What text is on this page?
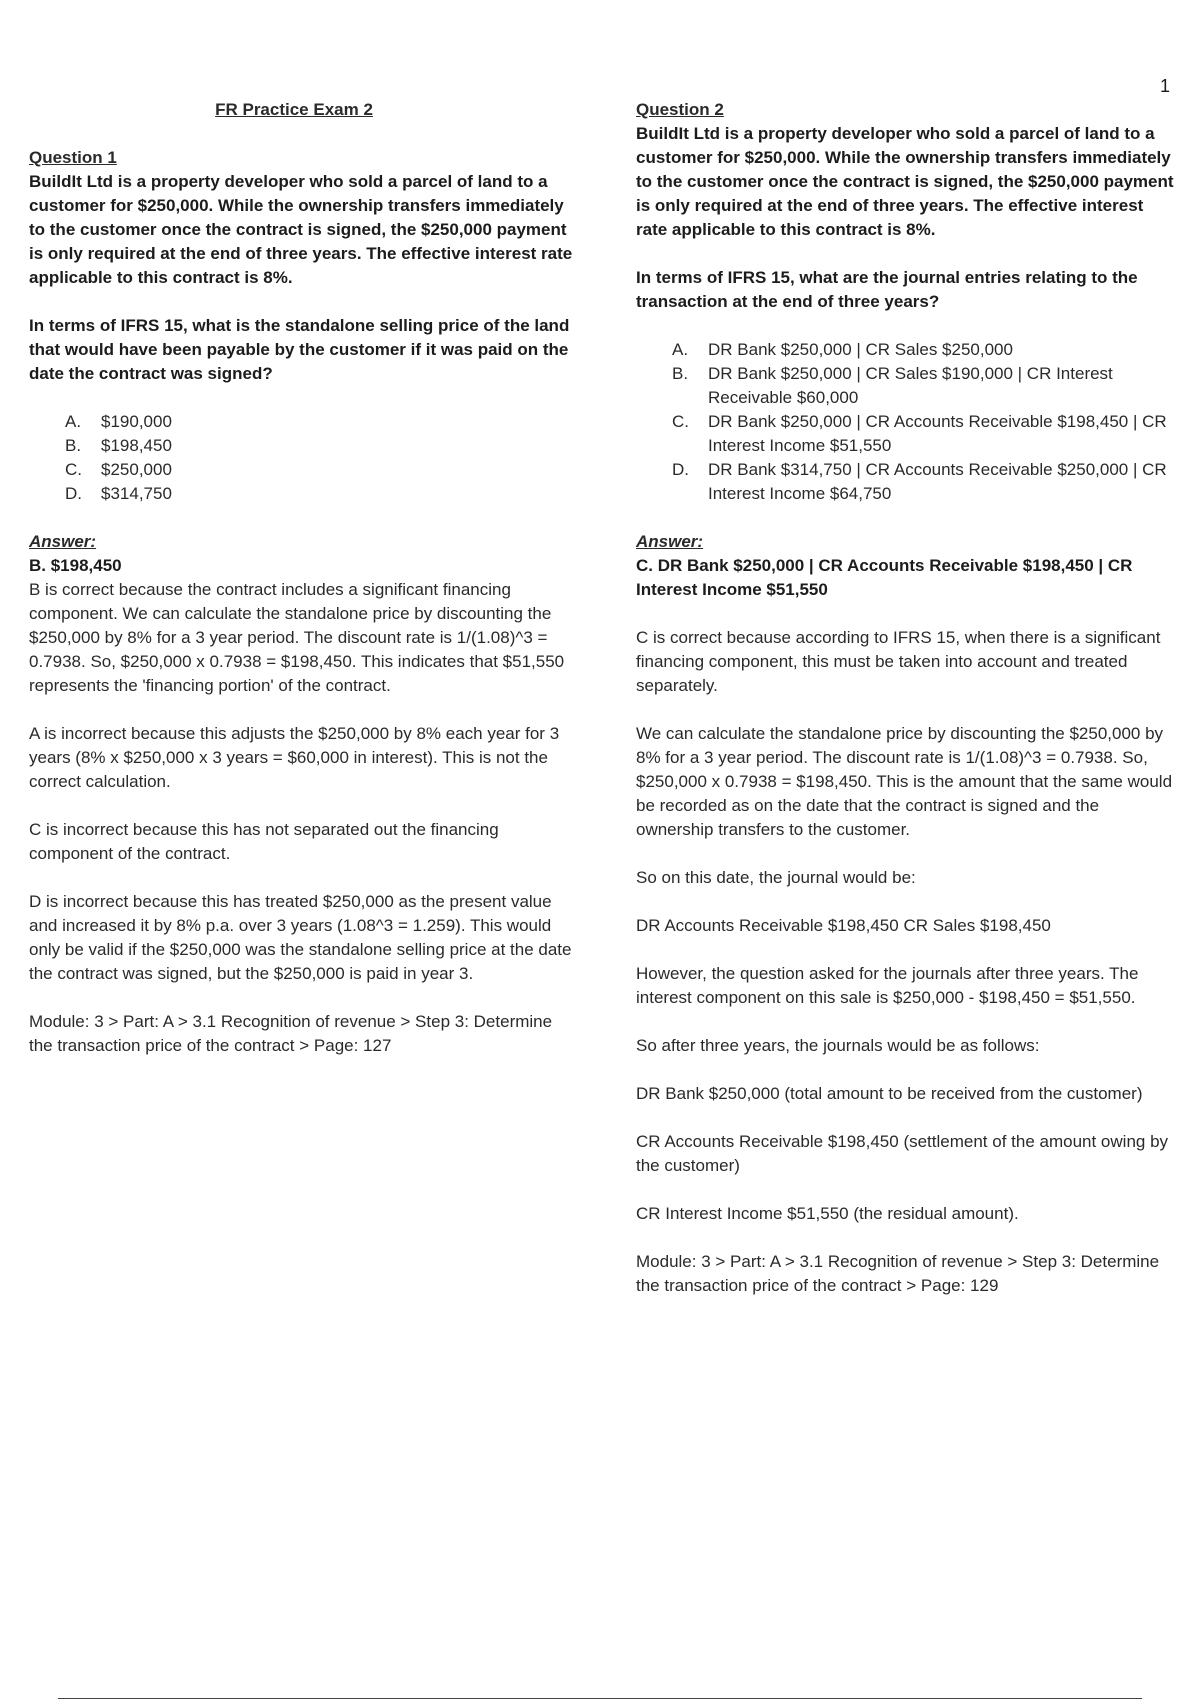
1

FR Practice Exam 2

Question 1

BuildIt Ltd is a property developer who sold a parcel of land to a customer for $250,000. While the ownership transfers immediately to the customer once the contract is signed, the $250,000 payment is only required at the end of three years. The effective interest rate applicable to this contract is 8%.

In terms of IFRS 15, what is the standalone selling price of the land that would have been payable by the customer if it was paid on the date the contract was signed?

A.	$190,000
B.	$198,450
C.	$250,000
D.	$314,750

Answer:

B. $198,450

B is correct because the contract includes a significant financing component. We can calculate the standalone price by discounting the $250,000 by 8% for a 3 year period. The discount rate is 1/(1.08)^3 = 0.7938. So, $250,000 x 0.7938 = $198,450. This indicates that $51,550 represents the 'financing portion' of the contract.

A is incorrect because this adjusts the $250,000 by 8% each year for 3 years (8% x $250,000 x 3 years = $60,000 in interest). This is not the correct calculation.

C is incorrect because this has not separated out the financing component of the contract.

D is incorrect because this has treated $250,000 as the present value and increased it by 8% p.a. over 3 years (1.08^3 = 1.259). This would only be valid if the $250,000 was the standalone selling price at the date the contract was signed, but the $250,000 is paid in year 3.

Module: 3 > Part: A > 3.1 Recognition of revenue > Step 3: Determine the transaction price of the contract > Page: 127

Question 2

BuildIt Ltd is a property developer who sold a parcel of land to a customer for $250,000. While the ownership transfers immediately to the customer once the contract is signed, the $250,000 payment is only required at the end of three years. The effective interest rate applicable to this contract is 8%.

In terms of IFRS 15, what are the journal entries relating to the transaction at the end of three years?

A.	DR Bank $250,000 | CR Sales $250,000
B.	DR Bank $250,000 | CR Sales $190,000 | CR Interest Receivable $60,000
C.	DR Bank $250,000 | CR Accounts Receivable $198,450 | CR Interest Income $51,550
D.	DR Bank $314,750 | CR Accounts Receivable $250,000 | CR Interest Income $64,750

Answer:

C. DR Bank $250,000 | CR Accounts Receivable $198,450 | CR Interest Income $51,550

C is correct because according to IFRS 15, when there is a significant financing component, this must be taken into account and treated separately.

We can calculate the standalone price by discounting the $250,000 by 8% for a 3 year period. The discount rate is 1/(1.08)^3 = 0.7938. So, $250,000 x 0.7938 = $198,450. This is the amount that the same would be recorded as on the date that the contract is signed and the ownership transfers to the customer.

So on this date, the journal would be:

DR Accounts Receivable $198,450 CR Sales $198,450

However, the question asked for the journals after three years. The interest component on this sale is $250,000 - $198,450 = $51,550.

So after three years, the journals would be as follows:

DR Bank $250,000 (total amount to be received from the customer)

CR Accounts Receivable $198,450 (settlement of the amount owing by the customer)

CR Interest Income $51,550 (the residual amount).

Module: 3 > Part: A > 3.1 Recognition of revenue > Step 3: Determine the transaction price of the contract > Page: 129
